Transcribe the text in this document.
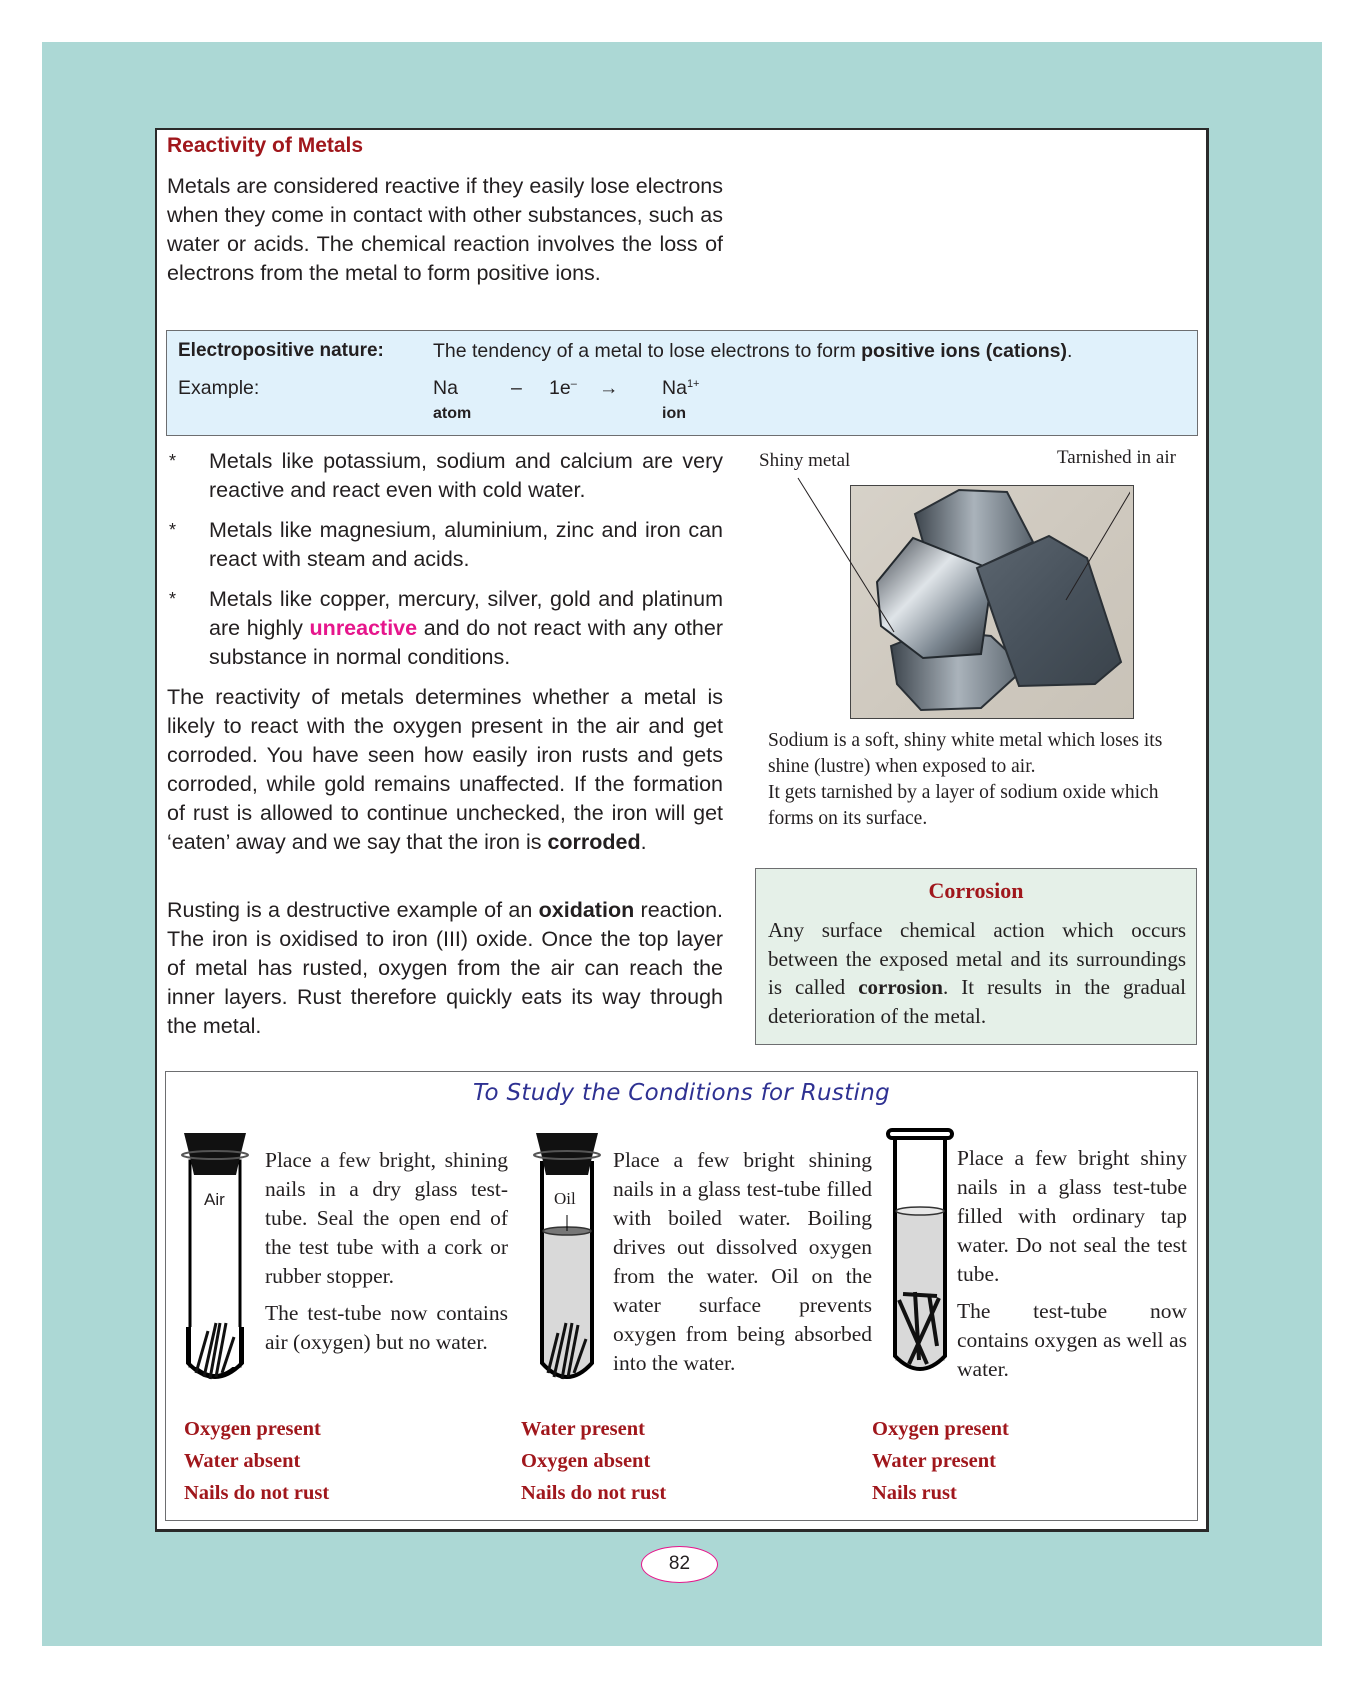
Reactivity of Metals
Metals are considered reactive if they easily lose electrons when they come in contact with other substances, such as water or acids. The chemical reaction involves the loss of electrons from the metal to form positive ions.
Electropositive nature:	The tendency of a metal to lose electrons to form positive ions (cations).
Example:	Na	– $1e^- \to Na^{1+}$
atom	ion
* Metals like potassium, sodium and calcium are very reactive and react even with cold water.
* Metals like magnesium, aluminium, zinc and iron can react with steam and acids.
* Metals like copper, mercury, silver, gold and platinum are highly unreactive and do not react with any other substance in normal conditions.
The reactivity of metals determines whether a metal is likely to react with the oxygen present in the air and get corroded. You have seen how easily iron rusts and gets corroded, while gold remains unaffected. If the formation of rust is allowed to continue unchecked, the iron will get ‘eaten’ away and we say that the iron is corroded.
Rusting is a destructive example of an oxidation reaction. The iron is oxidised to iron (III) oxide. Once the top layer of metal has rusted, oxygen from the air can reach the inner layers. Rust therefore quickly eats its way through the metal.
Shiny metal	Tarnished in air
Sodium is a soft, shiny white metal which loses its shine (lustre) when exposed to air.
It gets tarnished by a layer of sodium oxide which forms on its surface.
Corrosion
Any surface chemical action which occurs between the exposed metal and its surroundings is called corrosion. It results in the gradual deterioration of the metal.
To Study the Conditions for Rusting
Air

Place a few bright, shining nails in a dry glass test-tube. Seal the open end of the test tube with a cork or rubber stopper.

The test-tube now contains air (oxygen) but no water.

Oil

Place a few bright shining nails in a glass test-tube filled with boiled water. Boiling drives out dissolved oxygen from the water. Oil on the water surface prevents oxygen from being absorbed into the water.

Place a few bright shiny nails in a glass test-tube filled with ordinary tap water. Do not seal the test tube.

The test-tube now contains oxygen as well as water.

Oxygen present
Water absent
Nails do not rust
Water present
Oxygen absent
Nails do not rust
Oxygen present
Water present
Nails rust
82
